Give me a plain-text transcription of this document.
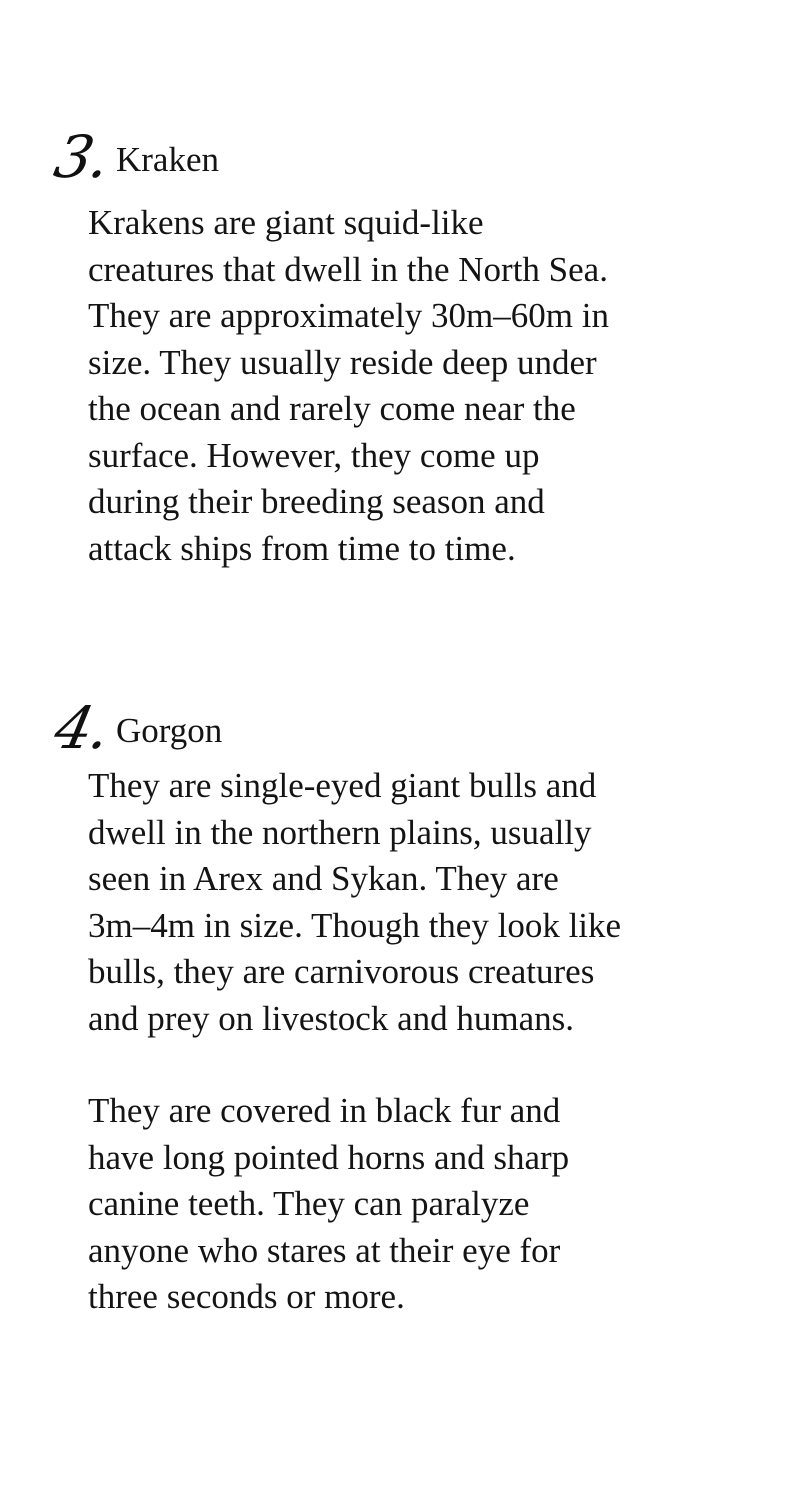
3. Kraken

Krakens are giant squid-like
creatures that dwell in the North Sea.
They are approximately 30m–60m in
size. They usually reside deep under
the ocean and rarely come near the
surface. However, they come up
during their breeding season and
attack ships from time to time.

4. Gorgon

They are single-eyed giant bulls and
dwell in the northern plains, usually
seen in Arex and Sykan. They are
3m–4m in size. Though they look like
bulls, they are carnivorous creatures
and prey on livestock and humans.

They are covered in black fur and
have long pointed horns and sharp
canine teeth. They can paralyze
anyone who stares at their eye for
three seconds or more.
